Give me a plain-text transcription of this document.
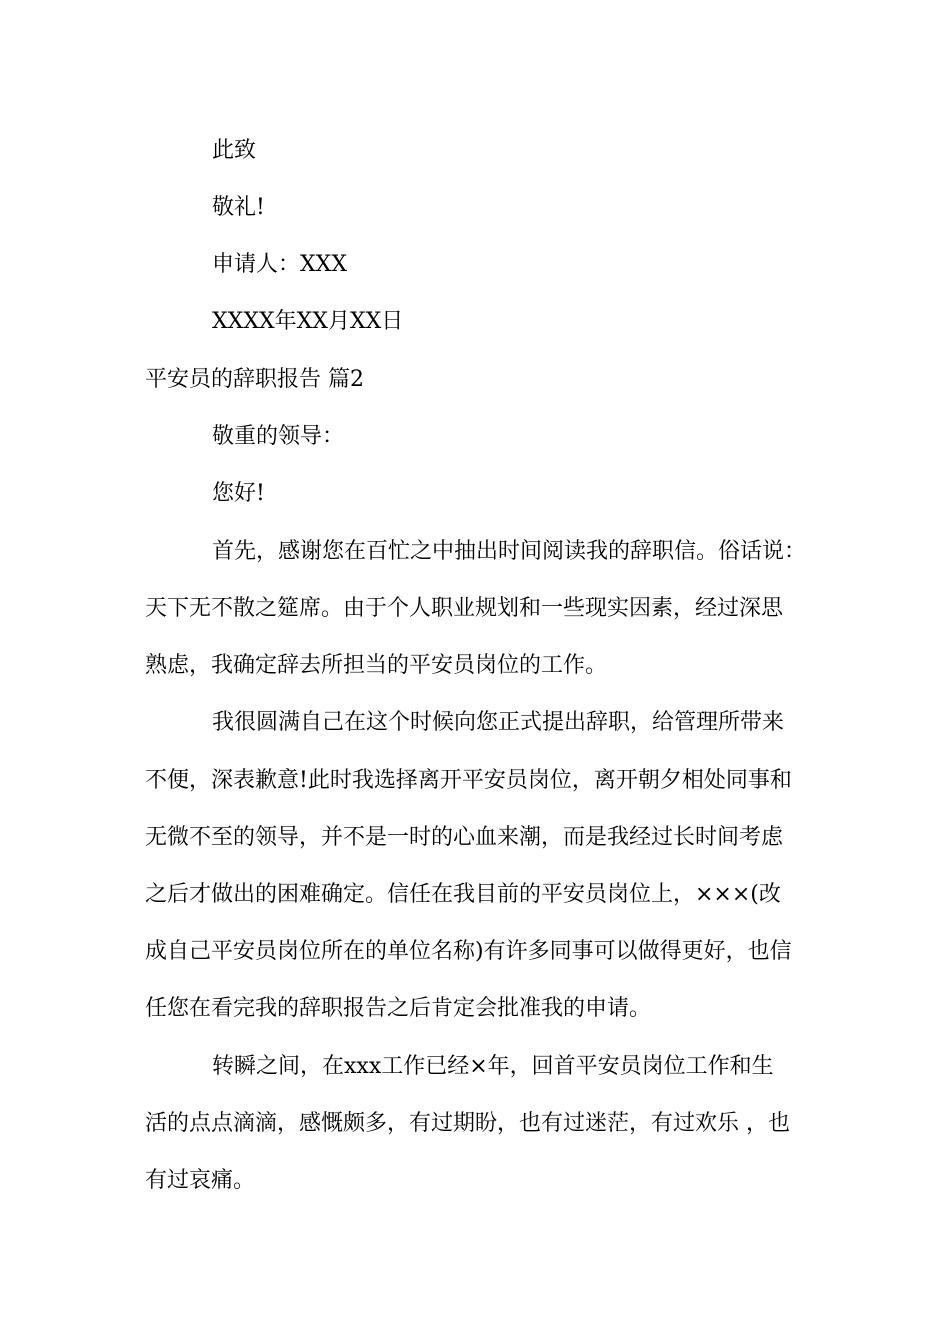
此致

敬礼!

申请人：XXX

XXXX年XX月XX日

平安员的辞职报告 篇2

敬重的领导：

您好!

首先，感谢您在百忙之中抽出时间阅读我的辞职信。俗话说：

天下无不散之筵席。由于个人职业规划和一些现实因素，经过深思

熟虑，我确定辞去所担当的平安员岗位的工作。

我很圆满自己在这个时候向您正式提出辞职，给管理所带来

不便，深表歉意!此时我选择离开平安员岗位，离开朝夕相处同事和

无微不至的领导，并不是一时的心血来潮，而是我经过长时间考虑

之后才做出的困难确定。信任在我目前的平安员岗位上，×××(改

成自己平安员岗位所在的单位名称)有许多同事可以做得更好，也信

任您在看完我的辞职报告之后肯定会批准我的申请。

转瞬之间，在xxx工作已经×年，回首平安员岗位工作和生

活的点点滴滴，感慨颇多，有过期盼，也有过迷茫，有过欢乐 ，也

有过哀痛。
